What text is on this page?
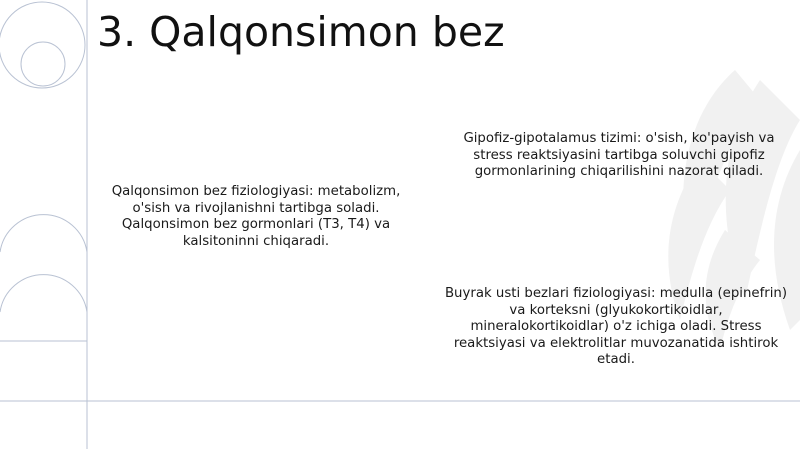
3. Qalqonsimon bez
Qalqonsimon bez fiziologiyasi: metabolizm, o'sish va rivojlanishni tartibga soladi. Qalqonsimon bez gormonlari (T3, T4) va kalsitoninni chiqaradi.
Gipofiz-gipotalamus tizimi: o'sish, ko'payish va stress reaktsiyasini tartibga soluvchi gipofiz gormonlarining chiqarilishini nazorat qiladi.
Buyrak usti bezlari fiziologiyasi: medulla (epinefrin) va korteksni (glyukokortikoidlar, mineralokortikoidlar) o'z ichiga oladi. Stress reaktsiyasi va elektrolitlar muvozanatida ishtirok etadi.
